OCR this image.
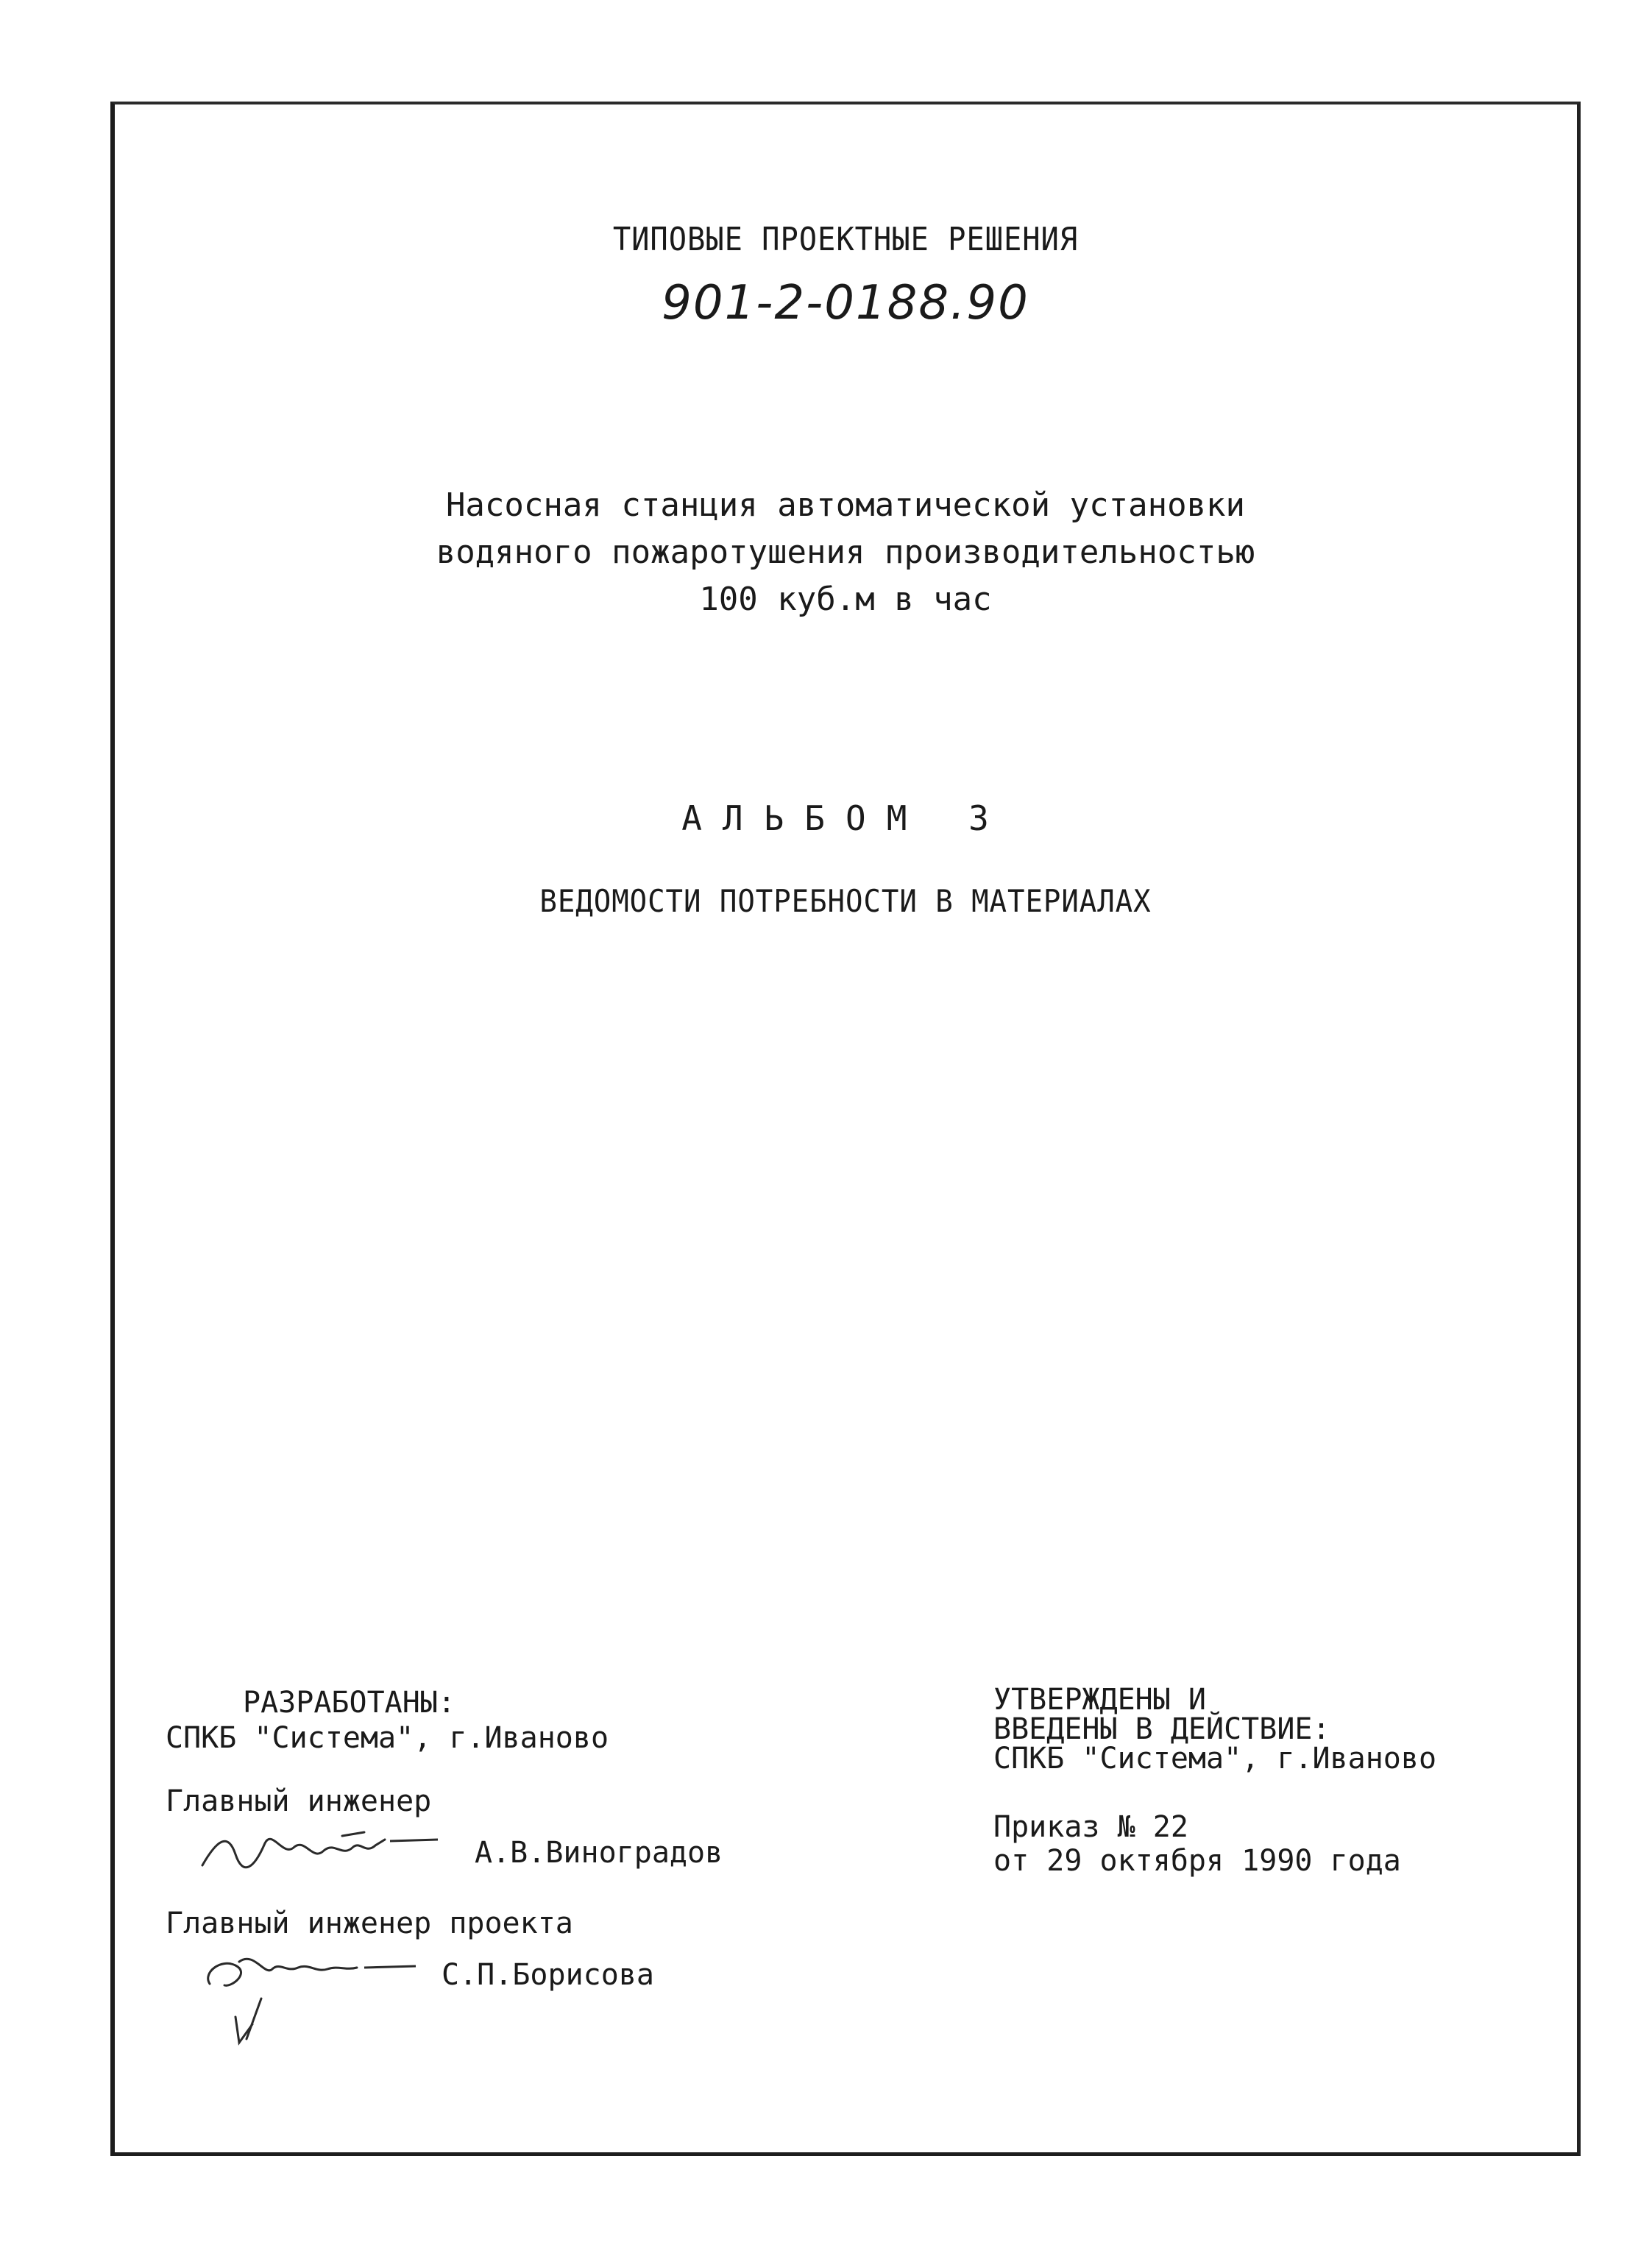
ТИПОВЫЕ ПРОЕКТНЫЕ РЕШЕНИЯ
901-2-0188.90
Насосная станция автоматической установки
водяного пожаротушения производительностью
100 куб.м в час
АЛЬБОМ 3
ВЕДОМОСТИ ПОТРЕБНОСТИ В МАТЕРИАЛАХ
РАЗРАБОТАНЫ:
СПКБ "Система", г.Иваново
Главный инженер
А.В.Виноградов
Главный инженер проекта
С.П.Борисова
УТВЕРЖДЕНЫ И
ВВЕДЕНЫ В ДЕЙСТВИЕ:
СПКБ "Система", г.Иваново
Приказ № 22
от 29 октября 1990 года
